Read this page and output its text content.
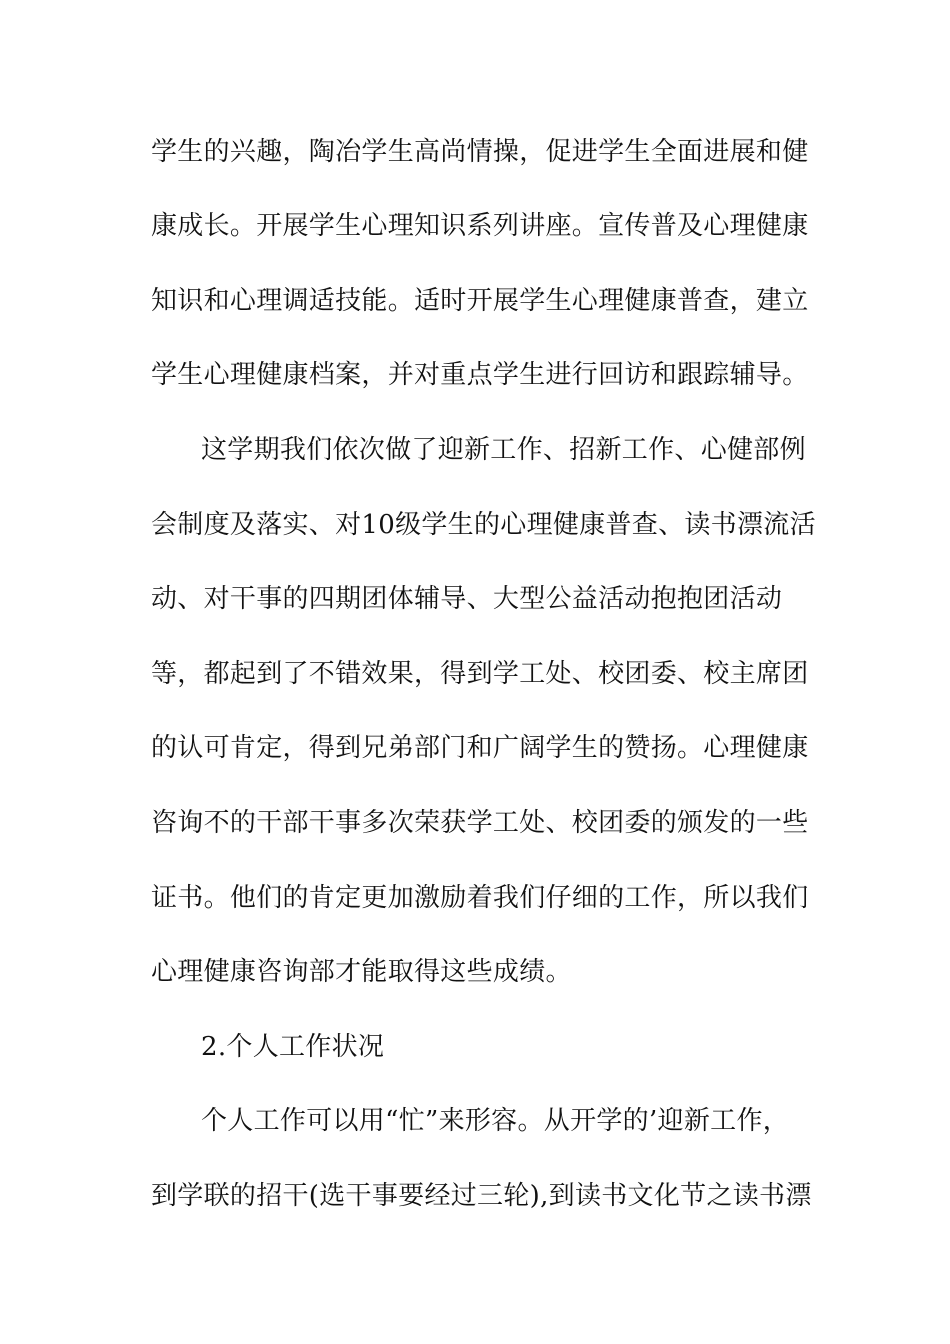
学生的兴趣，陶冶学生高尚情操，促进学生全面进展和健
康成长。开展学生心理知识系列讲座。宣传普及心理健康
知识和心理调适技能。适时开展学生心理健康普查，建立
学生心理健康档案，并对重点学生进行回访和跟踪辅导。
这学期我们依次做了迎新工作、招新工作、心健部例
会制度及落实、对10级学生的心理健康普查、读书漂流活
动、对干事的四期团体辅导、大型公益活动抱抱团活动
等，都起到了不错效果，得到学工处、校团委、校主席团
的认可肯定，得到兄弟部门和广阔学生的赞扬。心理健康
咨询不的干部干事多次荣获学工处、校团委的颁发的一些
证书。他们的肯定更加激励着我们仔细的工作，所以我们
心理健康咨询部才能取得这些成绩。
2.个人工作状况
个人工作可以用“忙”来形容。从开学的’迎新工作，
到学联的招干(选干事要经过三轮),到读书文化节之读书漂
